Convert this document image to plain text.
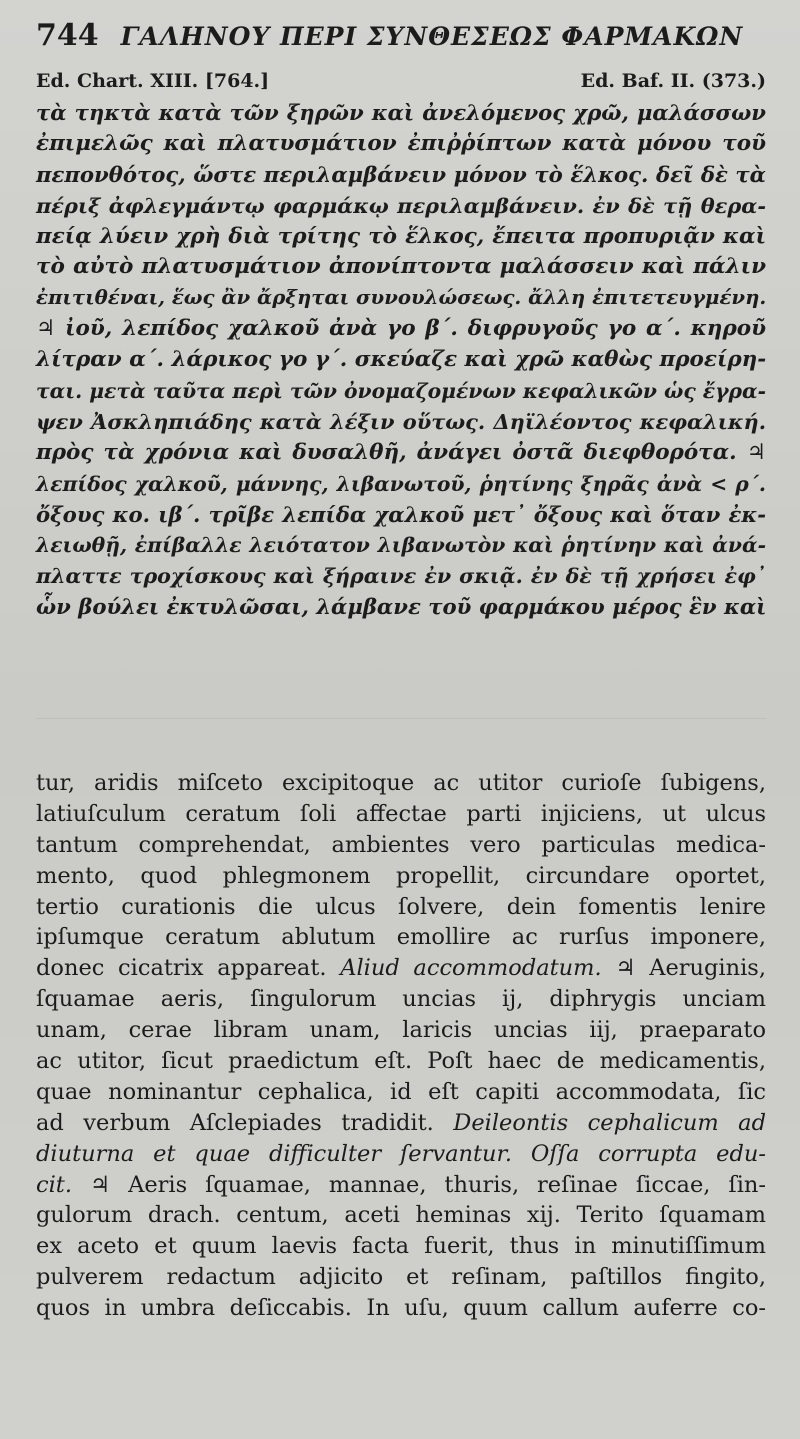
744 ΓΑΛΗΝΟΥ ΠΕΡΙ ΣΥΝΘΕΣΕΩΣ ΦΑΡΜΑΚΩΝ
Ed. Chart. XIII. [764.]	Ed. Baf. II. (373.)
τὰ τηκτὰ κατὰ τῶν ξηρῶν καὶ ἀνελόμενος χρῶ, μαλάσσων
ἐπιμελῶς καὶ πλατυσμάτιον ἐπιῤῥίπτων κατὰ μόνου τοῦ
πεπονθότος, ὥστε περιλαμβάνειν μόνον τὸ ἕλκος. δεῖ δὲ τὰ
πέριξ ἀφλεγμάντῳ φαρμάκῳ περιλαμβάνειν. ἐν δὲ τῇ θερα-
πείᾳ λύειν χρὴ διὰ τρίτης τὸ ἕλκος, ἔπειτα προπυριᾷν καὶ
τὸ αὐτὸ πλατυσμάτιον ἀπονίπτοντα μαλάσσειν καὶ πάλιν
ἐπιτιθέναι, ἕως ἂν ἄρξηται συνουλώσεως. ἄλλη ἐπιτετευγμένη.
♃ ἰοῦ, λεπίδος χαλκοῦ ἀνὰ γο β΄. διφρυγοῦς γο α΄. κηροῦ
λίτραν α΄. λάρικος γο γ΄. σκεύαζε καὶ χρῶ καθὼς προείρη-
ται. μετὰ ταῦτα περὶ τῶν ὀνομαζομένων κεφαλικῶν ὡς ἔγρα-
ψεν Ἀσκληπιάδης κατὰ λέξιν οὕτως. Δηϊλέοντος κεφαλική.
πρὸς τὰ χρόνια καὶ δυσαλθῆ, ἀνάγει ὀστᾶ διεφθορότα. ♃
λεπίδος χαλκοῦ, μάννης, λιβανωτοῦ, ῥητίνης ξηρᾶς ἀνὰ < ρ΄.
ὄξους κο. ιβ΄. τρῖβε λεπίδα χαλκοῦ μετ᾽ ὄξους καὶ ὅταν ἐκ-
λειωθῇ, ἐπίβαλλε λειότατον λιβανωτὸν καὶ ῥητίνην καὶ ἀνά-
πλαττε τροχίσκους καὶ ξήραινε ἐν σκιᾷ. ἐν δὲ τῇ χρήσει ἐφ᾽
ὧν βούλει ἐκτυλῶσαι, λάμβανε τοῦ φαρμάκου μέρος ἓν καὶ
tur, aridis miſceto excipitoque ac utitor curioſe ſubigens,
latiuſculum ceratum ſoli affectae parti injiciens, ut ulcus
tantum comprehendat, ambientes vero particulas medica-
mento, quod phlegmonem propellit, circundare oportet,
tertio curationis die ulcus ſolvere, dein fomentis lenire
ipſumque ceratum ablutum emollire ac rurſus imponere,
donec cicatrix appareat. Aliud accommodatum. ♃ Aeruginis,
ſquamae aeris, ſingulorum uncias ij, diphrygis unciam
unam, cerae libram unam, laricis uncias iij, praeparato
ac utitor, ſicut praedictum eſt. Poſt haec de medicamentis,
quae nominantur cephalica, id eſt capiti accommodata, ſic
ad verbum Aſclepiades tradidit. Deileontis cephalicum ad
diuturna et quae difficulter ſervantur. Oſſa corrupta edu-
cit. ♃ Aeris ſquamae, mannae, thuris, reſinae ſiccae, ſin-
gulorum drach. centum, aceti heminas xij. Terito ſquamam
ex aceto et quum laevis facta fuerit, thus in minutiſſimum
pulverem redactum adjicito et reſinam, paſtillos fingito,
quos in umbra deſiccabis. In uſu, quum callum auferre co-
